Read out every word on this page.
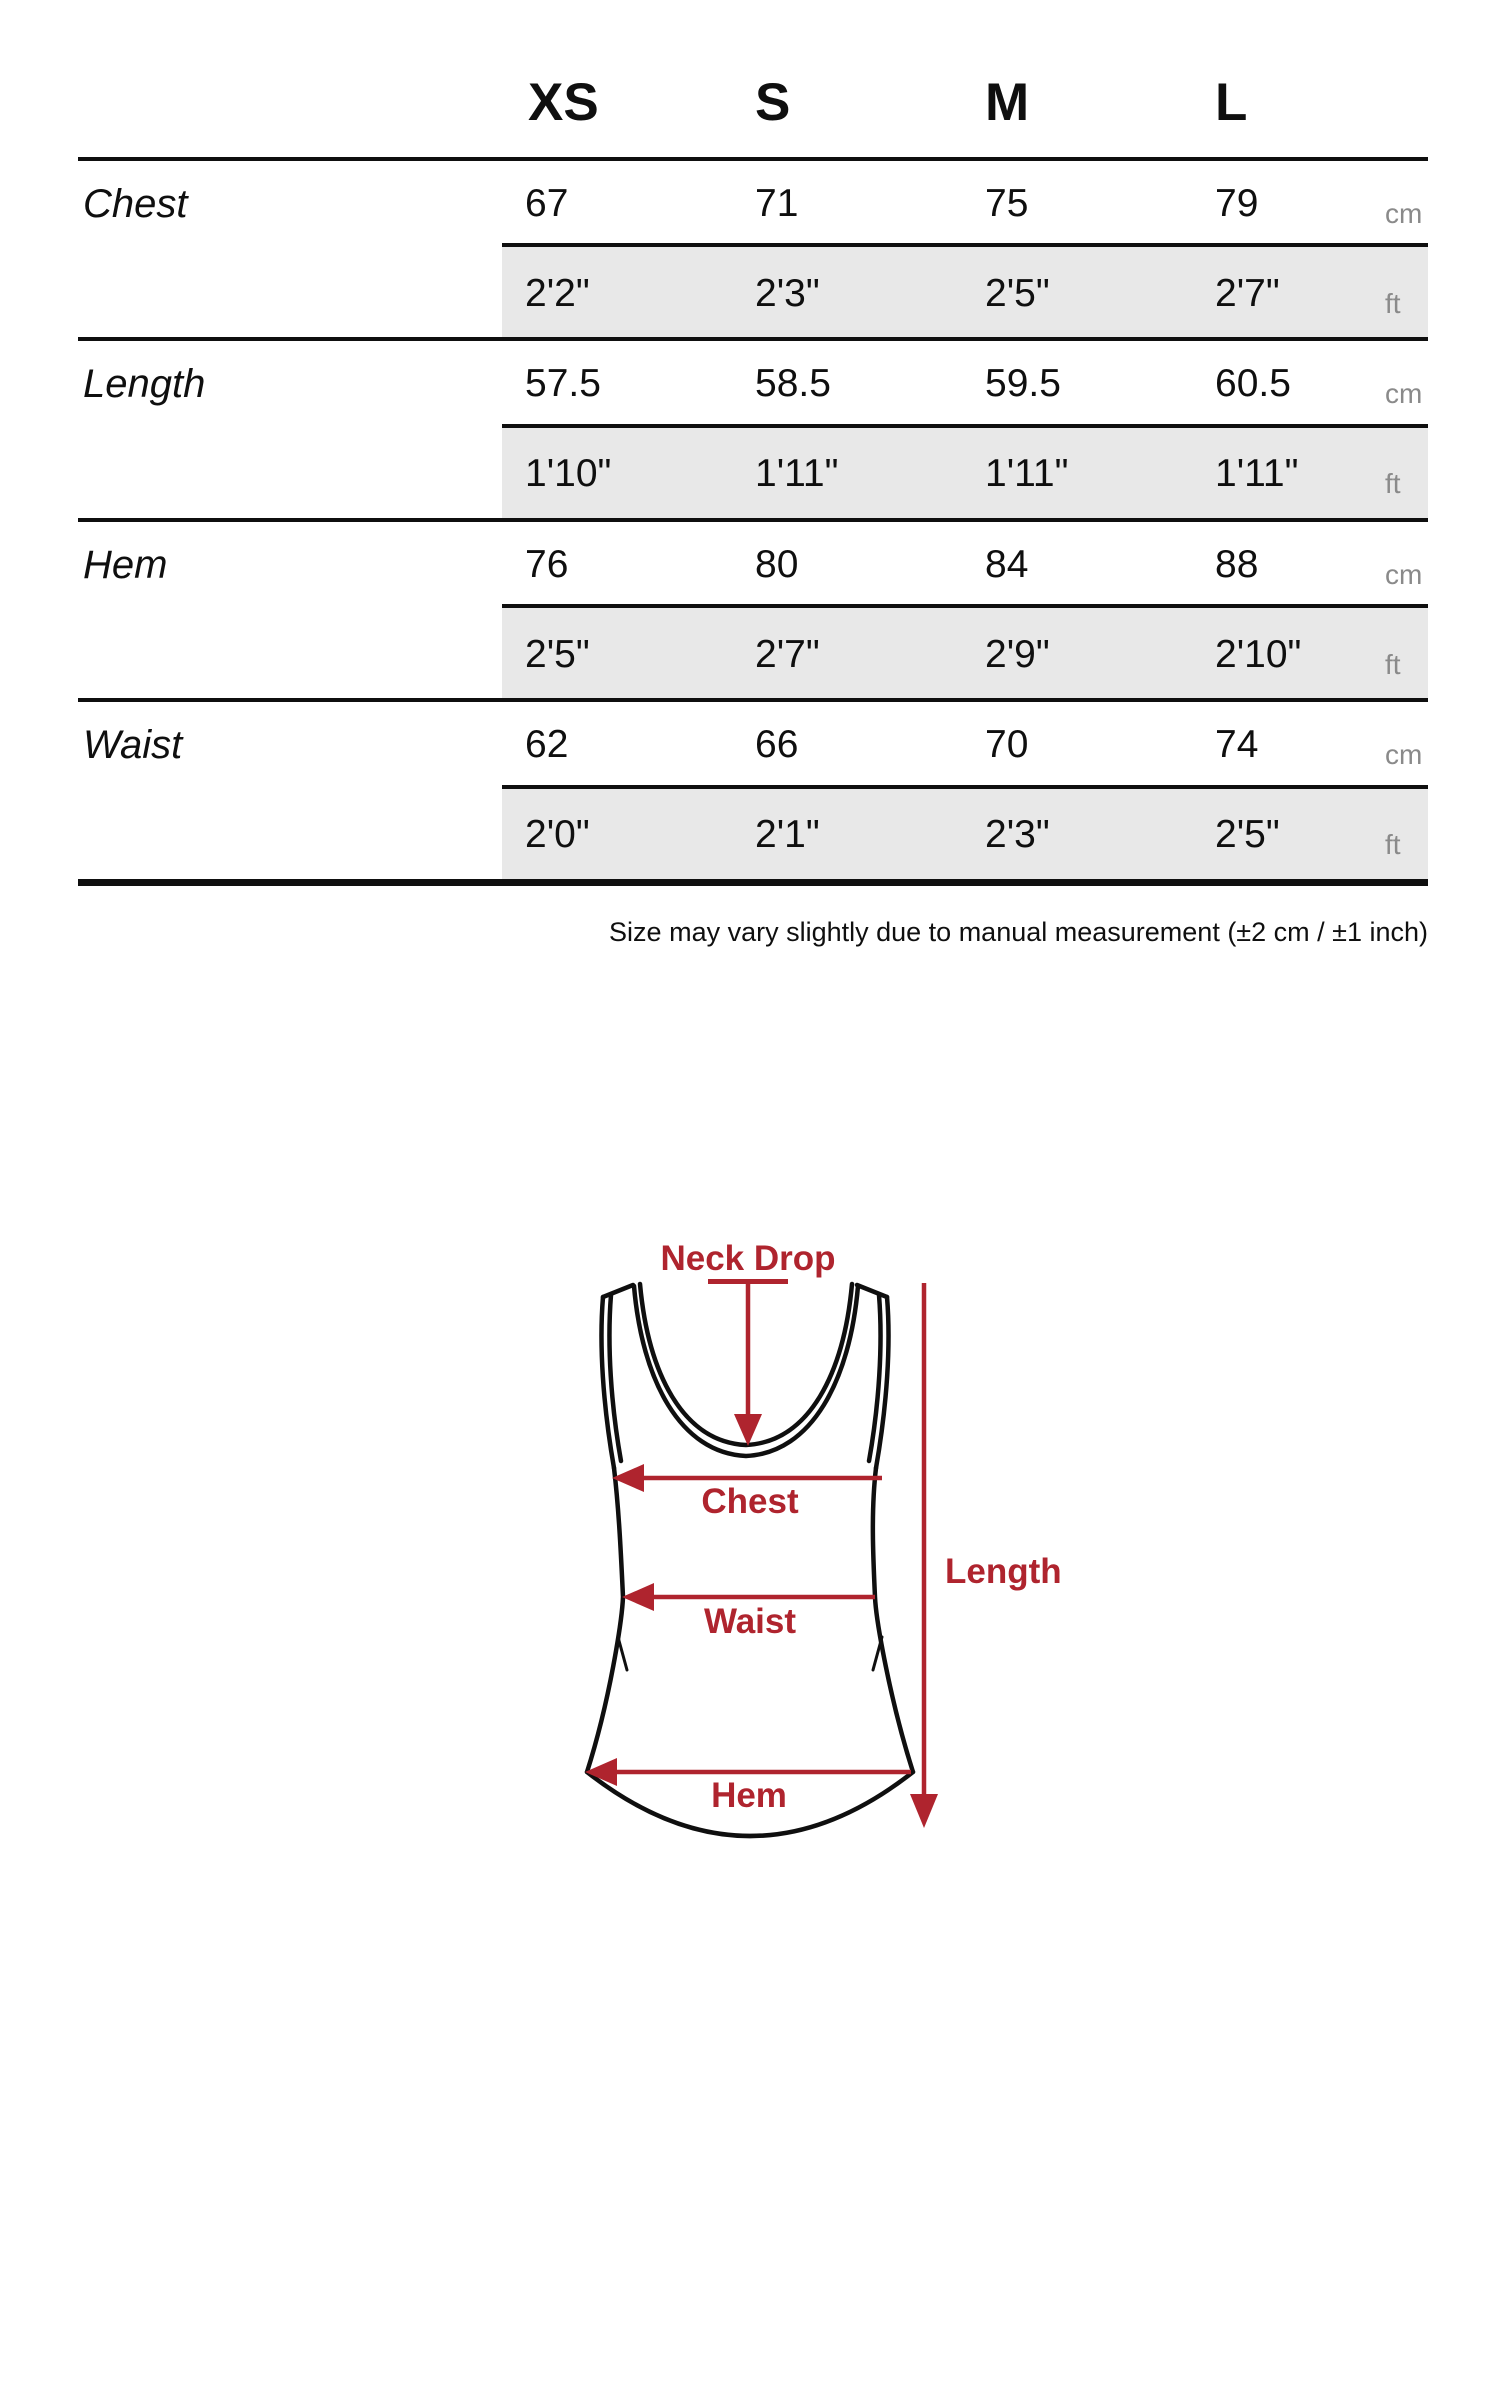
XS	S	M	L
Chest	67	71	75	79	cm
2'2"	2'3"	2'5"	2'7"	ft
Length	57.5	58.5	59.5	60.5	cm
1'10"	1'11"	1'11"	1'11"	ft
Hem	76	80	84	88	cm
2'5"	2'7"	2'9"	2'10"	ft
Waist	62	66	70	74	cm
2'0"	2'1"	2'3"	2'5"	ft
Size may vary slightly due to manual measurement (±2 cm / ±1 inch)
Neck Drop
Chest
Waist
Hem
Length
